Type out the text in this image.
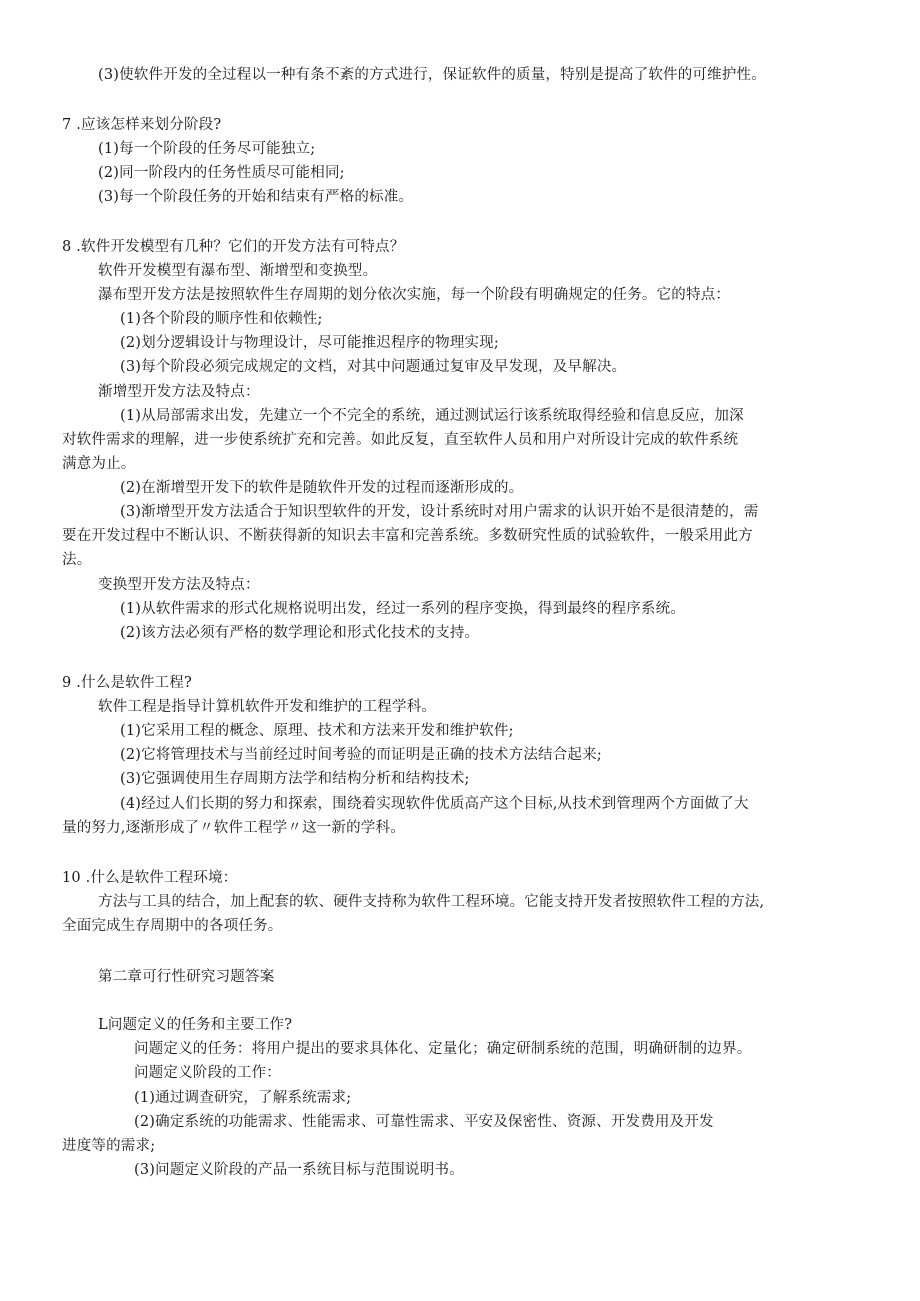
(3)使软件开发的全过程以一种有条不紊的方式进行，保证软件的质量，特别是提高了软件的可维护性。

7 .应该怎样来划分阶段?

(1)每一个阶段的任务尽可能独立;

(2)同一阶段内的任务性质尽可能相同;

(3)每一个阶段任务的开始和结束有严格的标准。

8 .软件开发模型有几种？它们的开发方法有可特点？

软件开发模型有瀑布型、渐增型和变换型。

瀑布型开发方法是按照软件生存周期的划分依次实施，每一个阶段有明确规定的任务。它的特点：

(1)各个阶段的顺序性和依赖性;

(2)划分逻辑设计与物理设计，尽可能推迟程序的物理实现;

(3)每个阶段必须完成规定的文档，对其中问题通过复审及早发现，及早解决。

渐增型开发方法及特点：

(1)从局部需求出发，先建立一个不完全的系统，通过测试运行该系统取得经验和信息反应，加深

对软件需求的理解，进一步使系统扩充和完善。如此反复，直至软件人员和用户对所设计完成的软件系统

满意为止。

(2)在渐增型开发下的软件是随软件开发的过程而逐渐形成的。

(3)渐增型开发方法适合于知识型软件的开发，设计系统时对用户需求的认识开始不是很清楚的，需

要在开发过程中不断认识、不断获得新的知识去丰富和完善系统。多数研究性质的试验软件，一般采用此方

法。

变换型开发方法及特点：

(1)从软件需求的形式化规格说明出发，经过一系列的程序变换，得到最终的程序系统。

(2)该方法必须有严格的数学理论和形式化技术的支持。

9 .什么是软件工程?

软件工程是指导计算机软件开发和维护的工程学科。

(1)它采用工程的概念、原理、技术和方法来开发和维护软件;

(2)它将管理技术与当前经过时间考验的而证明是正确的技术方法结合起来;

(3)它强调使用生存周期方法学和结构分析和结构技术;

(4)经过人们长期的努力和探索，围绕着实现软件优质高产这个目标,从技术到管理两个方面做了大

量的努力,逐渐形成了〃软件工程学〃这一新的学科。

10 .什么是软件工程环境：

方法与工具的结合，加上配套的软、硬件支持称为软件工程环境。它能支持开发者按照软件工程的方法,

全面完成生存周期中的各项任务。

第二章可行性研究习题答案

L问题定义的任务和主要工作?

问题定义的任务：将用户提出的要求具体化、定量化；确定研制系统的范围，明确研制的边界。

问题定义阶段的工作：

(1)通过调查研究，了解系统需求;

(2)确定系统的功能需求、性能需求、可靠性需求、平安及保密性、资源、开发费用及开发

进度等的需求;

(3)问题定义阶段的产品一系统目标与范围说明书。
